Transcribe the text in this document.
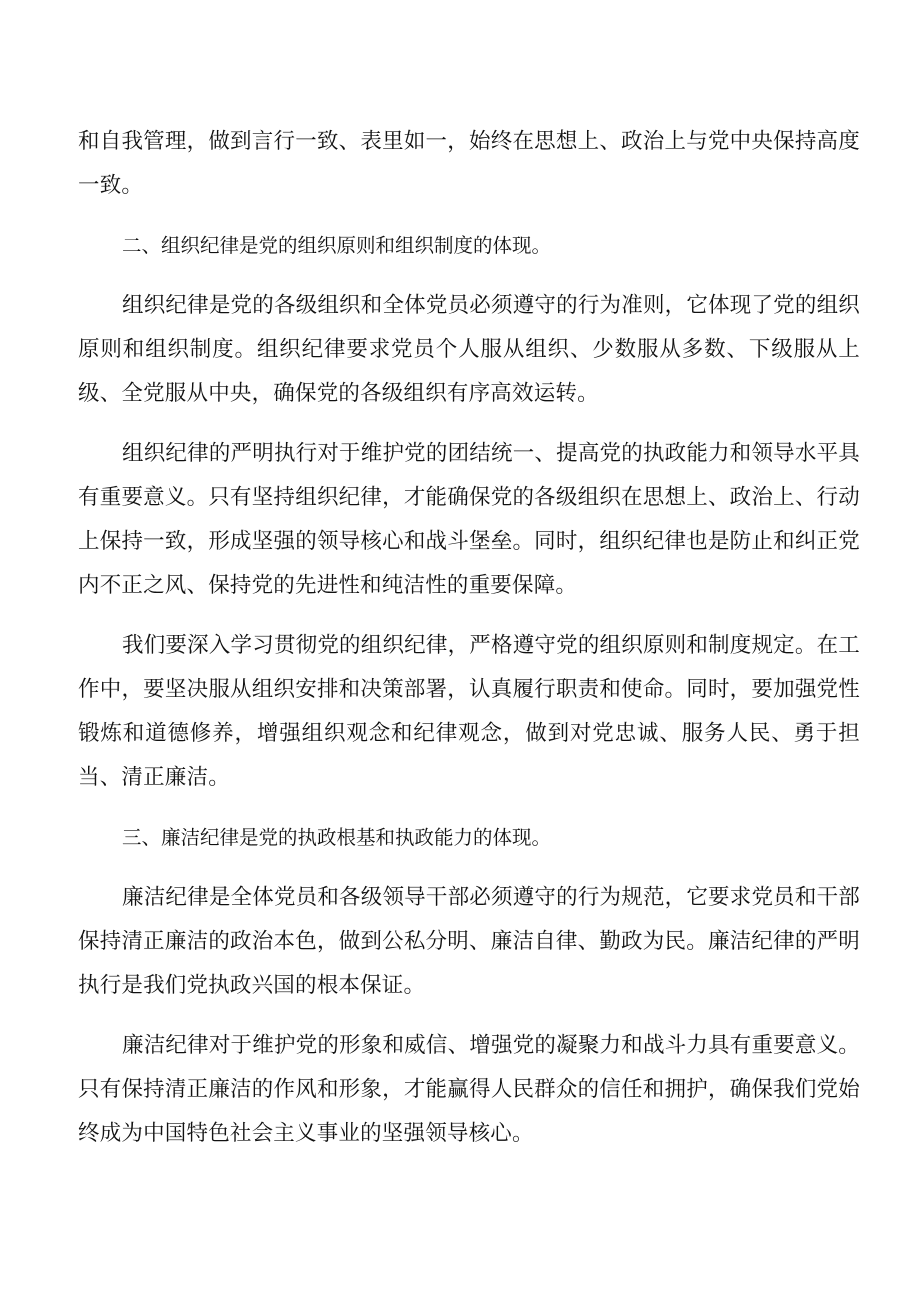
和自我管理，做到言行一致、表里如一，始终在思想上、政治上与党中央保持高度一致。

二、组织纪律是党的组织原则和组织制度的体现。

组织纪律是党的各级组织和全体党员必须遵守的行为准则，它体现了党的组织原则和组织制度。组织纪律要求党员个人服从组织、少数服从多数、下级服从上级、全党服从中央，确保党的各级组织有序高效运转。

组织纪律的严明执行对于维护党的团结统一、提高党的执政能力和领导水平具有重要意义。只有坚持组织纪律，才能确保党的各级组织在思想上、政治上、行动上保持一致，形成坚强的领导核心和战斗堡垒。同时，组织纪律也是防止和纠正党内不正之风、保持党的先进性和纯洁性的重要保障。

我们要深入学习贯彻党的组织纪律，严格遵守党的组织原则和制度规定。在工作中，要坚决服从组织安排和决策部署，认真履行职责和使命。同时，要加强党性锻炼和道德修养，增强组织观念和纪律观念，做到对党忠诚、服务人民、勇于担当、清正廉洁。

三、廉洁纪律是党的执政根基和执政能力的体现。

廉洁纪律是全体党员和各级领导干部必须遵守的行为规范，它要求党员和干部保持清正廉洁的政治本色，做到公私分明、廉洁自律、勤政为民。廉洁纪律的严明执行是我们党执政兴国的根本保证。

廉洁纪律对于维护党的形象和威信、增强党的凝聚力和战斗力具有重要意义。只有保持清正廉洁的作风和形象，才能赢得人民群众的信任和拥护，确保我们党始终成为中国特色社会主义事业的坚强领导核心。
